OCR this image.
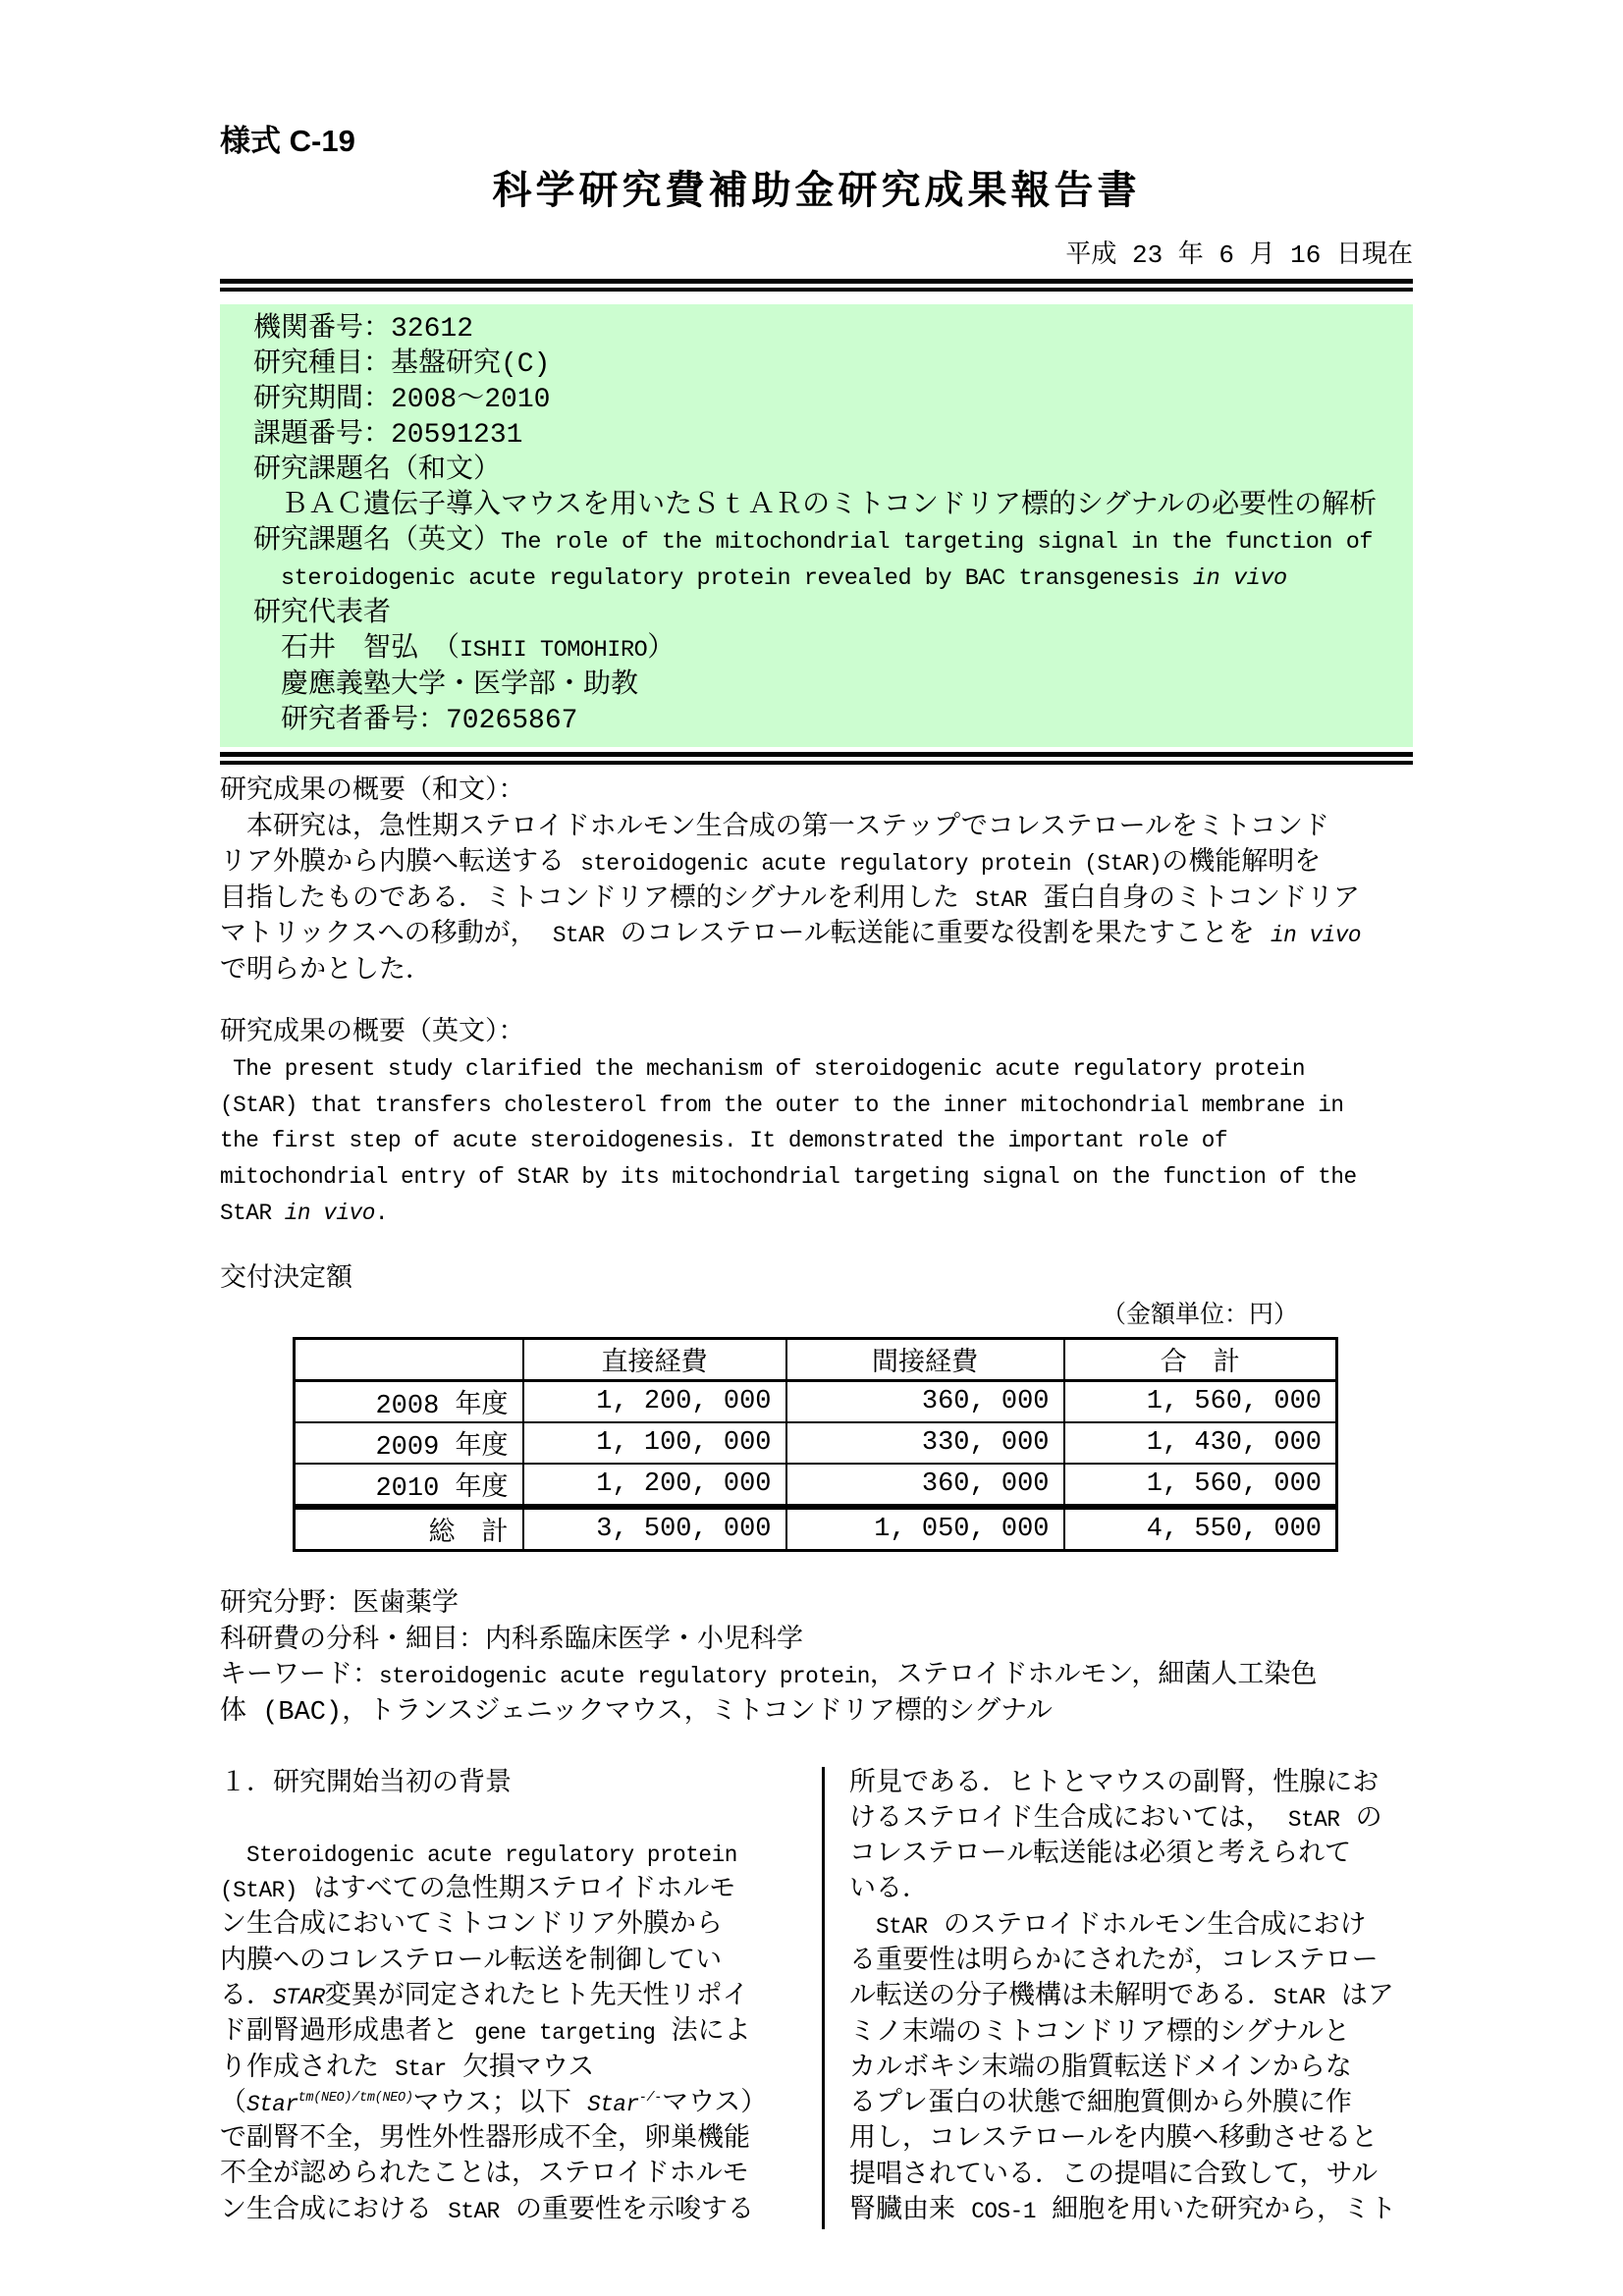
様式 C-19
科学研究費補助金研究成果報告書
平成 23 年 6 月 16 日現在
機関番号：32612
研究種目：基盤研究(C)
研究期間：2008～2010
課題番号：20591231
研究課題名（和文）
　ＢＡＣ遺伝子導入マウスを用いたＳｔＡＲのミトコンドリア標的シグナルの必要性の解析
研究課題名（英文）The role of the mitochondrial targeting signal in the function of
　steroidogenic acute regulatory protein revealed by BAC transgenesis in vivo
研究代表者
　石井　智弘　（ISHII TOMOHIRO）
　慶應義塾大学・医学部・助教
　研究者番号：70265867
研究成果の概要（和文）：
　本研究は，急性期ステロイドホルモン生合成の第一ステップでコレステロールをミトコンド
リア外膜から内膜へ転送する steroidogenic acute regulatory protein (StAR)の機能解明を
目指したものである．ミトコンドリア標的シグナルを利用した StAR 蛋白自身のミトコンドリア
マトリックスへの移動が， StAR のコレステロール転送能に重要な役割を果たすことを in vivo
で明らかとした．
研究成果の概要（英文）：
The present study clarified the mechanism of steroidogenic acute regulatory protein
(StAR) that transfers cholesterol from the outer to the inner mitochondrial membrane in
the first step of acute steroidogenesis. It demonstrated the important role of
mitochondrial entry of StAR by its mitochondrial targeting signal on the function of the
StAR in vivo.
交付決定額
（金額単位：円）
	直接経費	間接経費	合　計
2008 年度	1, 200, 000	360, 000	1, 560, 000
2009 年度	1, 100, 000	330, 000	1, 430, 000
2010 年度	1, 200, 000	360, 000	1, 560, 000
総　計	3, 500, 000	1, 050, 000	4, 550, 000
研究分野：医歯薬学
科研費の分科・細目：内科系臨床医学・小児科学
キーワード：steroidogenic acute regulatory protein，ステロイドホルモン，細菌人工染色
体 (BAC)，トランスジェニックマウス，ミトコンドリア標的シグナル
１．研究開始当初の背景
　Steroidogenic acute regulatory protein
(StAR) はすべての急性期ステロイドホルモ
ン生合成においてミトコンドリア外膜から
内膜へのコレステロール転送を制御してい
る．STAR変異が同定されたヒト先天性リポイ
ド副腎過形成患者と gene targeting 法によ
り作成された Star 欠損マウス
（Star$^{tm(NEO)/tm(NEO)}$マウス；以下 Star-/-マウス）
で副腎不全，男性外性器形成不全，卵巣機能
不全が認められたことは，ステロイドホルモ
ン生合成における StAR の重要性を示唆する
所見である．ヒトとマウスの副腎，性腺にお
けるステロイド生合成においては， StAR の
コレステロール転送能は必須と考えられて
いる．
　StAR のステロイドホルモン生合成におけ
る重要性は明らかにされたが，コレステロー
ル転送の分子機構は未解明である．StAR はア
ミノ末端のミトコンドリア標的シグナルと
カルボキシ末端の脂質転送ドメインからな
るプレ蛋白の状態で細胞質側から外膜に作
用し，コレステロールを内膜へ移動させると
提唱されている．この提唱に合致して，サル
腎臓由来 COS-1 細胞を用いた研究から，ミト
